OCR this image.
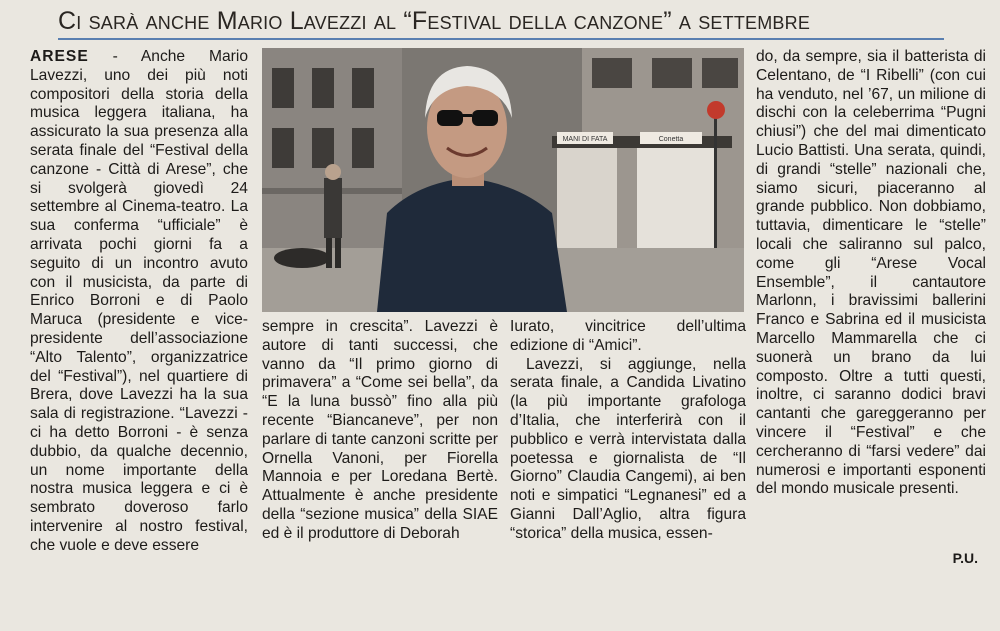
Ci sarà anche Mario Lavezzi al “Festival della canzone” a settembre

ARESE - Anche Mario Lavezzi, uno dei più noti compositori della storia della musica leggera italiana, ha assicurato la sua presenza alla serata finale del “Festival della canzone - Città di Arese”, che si svolgerà giovedì 24 settembre al Cinema-teatro. La sua conferma “ufficiale” è arrivata pochi giorni fa a seguito di un incontro avuto con il musicista, da parte di Enrico Borroni e di Paolo Maruca (presidente e vice-presidente dell’associazione “Alto Talento”, organizzatrice del “Festival”), nel quartiere di Brera, dove Lavezzi ha la sua sala di registrazione. “Lavezzi - ci ha detto Borroni - è senza dubbio, da qualche decennio, un nome importante della nostra musica leggera e ci è sembrato doveroso farlo intervenire al nostro festival, che vuole e deve essere

MANI DI FATA	Conetta

sempre in crescita”. Lavezzi è autore di tanti successi, che vanno da “Il primo giorno di primavera” a “Come sei bella”, da “E la luna bussò” fino alla più recente “Biancaneve”, per non parlare di tante canzoni scritte per Ornella Vanoni, per Fiorella Mannoia e per Loredana Bertè. Attualmente è anche presidente della “sezione musica” della SIAE ed è il produttore di Deborah

Iurato, vincitrice dell’ultima edizione di “Amici”.

Lavezzi, si aggiunge, nella serata finale, a Candida Livatino (la più importante grafologa d’Italia, che interferirà con il pubblico e verrà intervistata dalla poetessa e giornalista de “Il Giorno” Claudia Cangemi), ai ben noti e simpatici “Legnanesi” ed a Gianni Dall’Aglio, altra figura “storica” della musica, essen-

do, da sempre, sia il batterista di Celentano, de “I Ribelli” (con cui ha venduto, nel ’67, un milione di dischi con la celeberrima “Pugni chiusi”) che del mai dimenticato Lucio Battisti. Una serata, quindi, di grandi “stelle” nazionali che, siamo sicuri, piaceranno al grande pubblico. Non dobbiamo, tuttavia, dimenticare le “stelle” locali che saliranno sul palco, come gli “Arese Vocal Ensemble”, il cantautore Marlonn, i bravissimi ballerini Franco e Sabrina ed il musicista Marcello Mammarella che ci suonerà un brano da lui composto. Oltre a tutti questi, inoltre, ci saranno dodici bravi cantanti che gareggeranno per vincere il “Festival” e che cercheranno di “farsi vedere” dai numerosi e importanti esponenti del mondo musicale presenti.

P.U.
